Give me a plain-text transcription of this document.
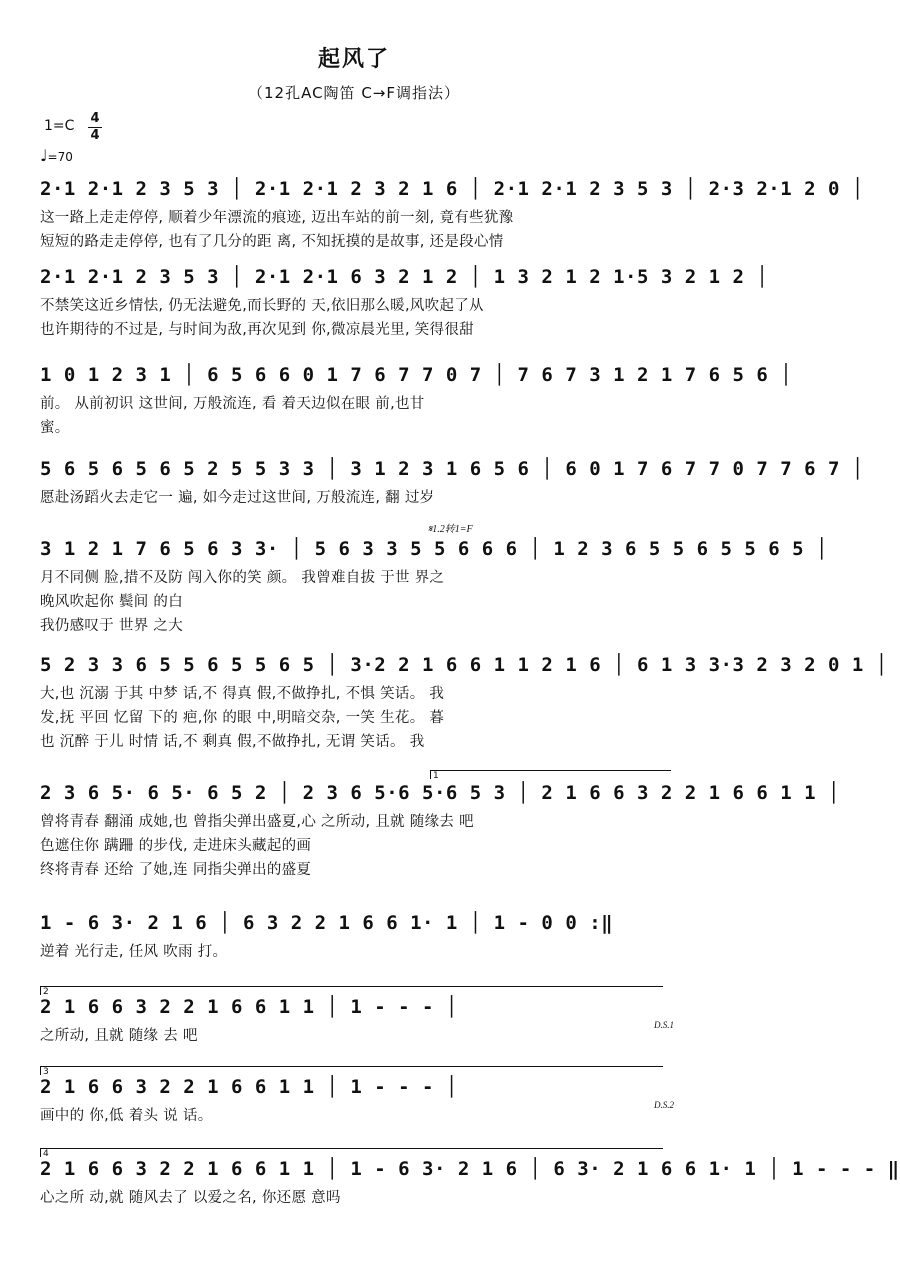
起风了
（12孔AC陶笛 C→F调指法）
1=C 4
4
♩=70
2·1 2·1 2 3 5 3 │ 2·1 2·1 2 3 2 1 6 │ 2·1 2·1 2 3 5 3 │ 2·3 2·1 2 0 │
这一路上走走停停, 顺着少年漂流的痕迹, 迈出车站的前一刻, 竟有些犹豫
短短的路走走停停, 也有了几分的距 离, 不知抚摸的是故事, 还是段心情
2·1 2·1 2 3 5 3 │ 2·1 2·1 6 3 2 1 2 │ 1 3 2 1 2 1·5 3 2 1 2 │
不禁笑这近乡情怯, 仍无法避免,而长野的 天,依旧那么暖,风吹起了从
也许期待的不过是, 与时间为敌,再次见到 你,微凉晨光里, 笑得很甜
1 0 1 2 3 1 │ 6 5 6 6 0 1 7 6 7 7 0 7 │ 7 6 7 3 1 2 1 7 6 5 6 │
前。 从前初识 这世间, 万般流连, 看 着天边似在眼 前,也甘
蜜。
5 6 5 6 5 6 5 2 5 5 3 3 │ 3 1 2 3 1 6 5 6 │ 6 0 1 7 6 7 7 0 7 7 6 7 │
愿赴汤蹈火去走它一 遍, 如今走过这世间, 万般流连, 翻 过岁
𝄋1.2转1=F
3 1 2 1 7 6 5 6 3 3· │ 5 6 3 3 5 5 6 6 6 │ 1 2 3 6 5 5 6 5 5 6 5 │
月不同侧 脸,措不及防 闯入你的笑 颜。 我曾难自拔 于世 界之
晚风吹起你 鬓间 的白
我仍感叹于 世界 之大
5 2 3 3 6 5 5 6 5 5 6 5 │ 3·2 2 1 6 6 1 1 2 1 6 │ 6 1 3 3·3 2 3 2 0 1 │
大,也 沉溺 于其 中梦 话,不 得真 假,不做挣扎, 不惧 笑话。 我
发,抚 平回 忆留 下的 疤,你 的眼 中,明暗交杂, 一笑 生花。 暮
也 沉醉 于儿 时情 话,不 剩真 假,不做挣扎, 无谓 笑话。 我
1
2 3 6 5· 6 5· 6 5 2 │ 2 3 6 5·6 5·6 5 3 │ 2 1 6 6 3 2 2 1 6 6 1 1 │
曾将青春 翻涌 成她,也 曾指尖弹出盛夏,心 之所动, 且就 随缘去 吧
色遮住你 蹒跚 的步伐, 走进床头藏起的画
终将青春 还给 了她,连 同指尖弹出的盛夏
1 - 6 3· 2 1 6 │ 6 3 2 2 1 6 6 1· 1 │ 1 - 0 0 :‖
逆着 光行走, 任风 吹雨 打。
2
2 1 6 6 3 2 2 1 6 6 1 1 │ 1 - - - │
之所动, 且就 随缘 去 吧
D.S.1
3
2 1 6 6 3 2 2 1 6 6 1 1 │ 1 - - - │
画中的 你,低 着头 说 话。
D.S.2
4
2 1 6 6 3 2 2 1 6 6 1 1 │ 1 - 6 3· 2 1 6 │ 6 3· 2 1 6 6 1· 1 │ 1 - - - ‖
心之所 动,就 随风去了 以爱之名, 你还愿 意吗
